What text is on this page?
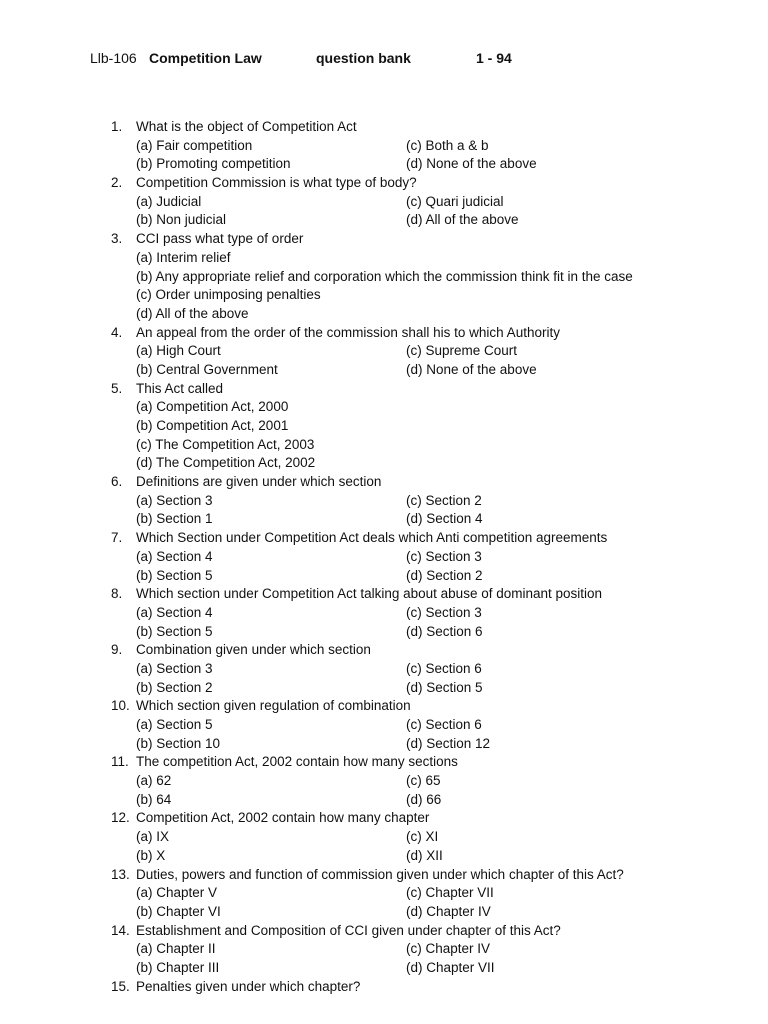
Llb-106 Competition Law	question bank	1 - 94
1. What is the object of Competition Act
(a) Fair competition	(c) Both a & b
(b) Promoting competition	(d) None of the above
2. Competition Commission is what type of body?
(a) Judicial	(c) Quari judicial
(b) Non judicial	(d) All of the above
3. CCI pass what type of order
(a) Interim relief
(b) Any appropriate relief and corporation which the commission think fit in the case
(c) Order unimposing penalties
(d) All of the above
4. An appeal from the order of the commission shall his to which Authority
(a) High Court	(c) Supreme Court
(b) Central Government	(d) None of the above
5. This Act called
(a) Competition Act, 2000
(b) Competition Act, 2001
(c) The Competition Act, 2003
(d) The Competition Act, 2002
6. Definitions are given under which section
(a) Section 3	(c) Section 2
(b) Section 1	(d) Section 4
7. Which Section under Competition Act deals which Anti competition agreements
(a) Section 4	(c) Section 3
(b) Section 5	(d) Section 2
8. Which section under Competition Act talking about abuse of dominant position
(a) Section 4	(c) Section 3
(b) Section 5	(d) Section 6
9. Combination given under which section
(a) Section 3	(c) Section 6
(b) Section 2	(d) Section 5
10. Which section given regulation of combination
(a) Section 5	(c) Section 6
(b) Section 10	(d) Section 12
11. The competition Act, 2002 contain how many sections
(a) 62	(c) 65
(b) 64	(d) 66
12. Competition Act, 2002 contain how many chapter
(a) IX	(c) XI
(b) X	(d) XII
13. Duties, powers and function of commission given under which chapter of this Act?
(a) Chapter V	(c) Chapter VII
(b) Chapter VI	(d) Chapter IV
14. Establishment and Composition of CCI given under chapter of this Act?
(a) Chapter II	(c) Chapter IV
(b) Chapter III	(d) Chapter VII
15. Penalties given under which chapter?
